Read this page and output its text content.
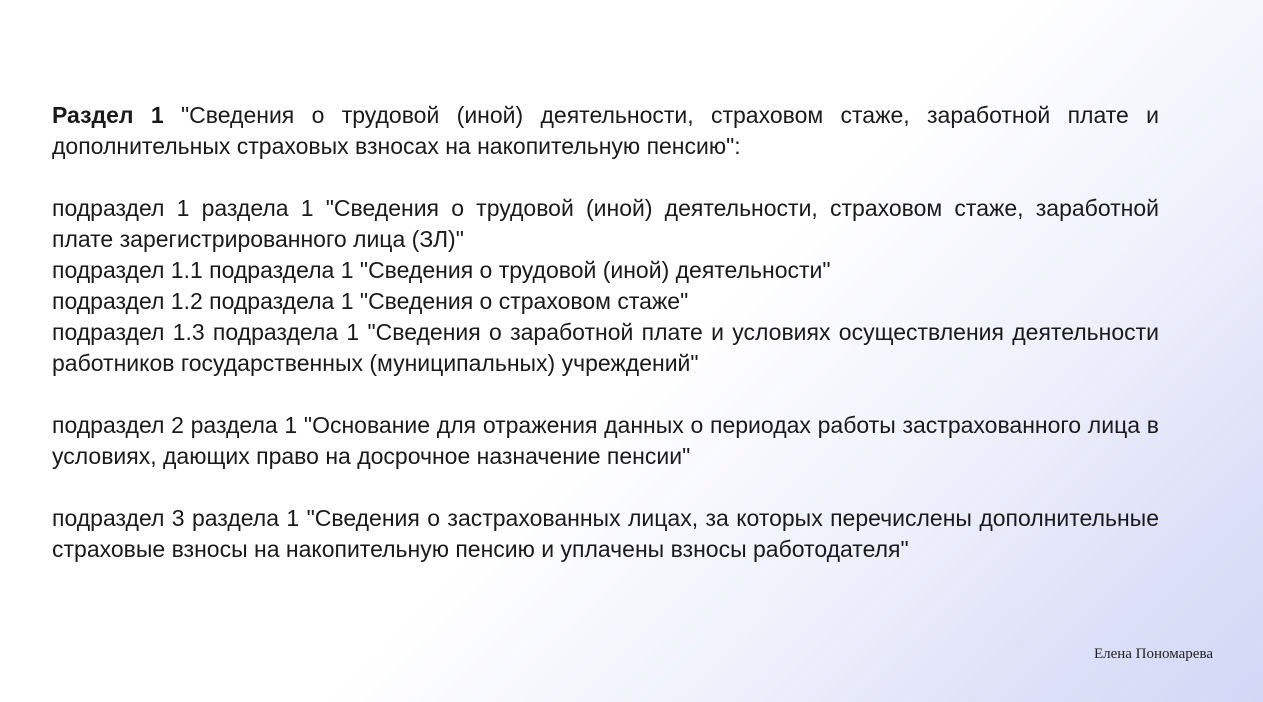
Раздел 1 "Сведения о трудовой (иной) деятельности, страховом стаже, заработной плате и дополнительных страховых взносах на накопительную пенсию":

подраздел 1 раздела 1 "Сведения о трудовой (иной) деятельности, страховом стаже, заработной плате зарегистрированного лица (ЗЛ)"

подраздел 1.1 подраздела 1 "Сведения о трудовой (иной) деятельности"

подраздел 1.2 подраздела 1 "Сведения о страховом стаже"

подраздел 1.3 подраздела 1 "Сведения о заработной плате и условиях осуществления деятельности работников государственных (муниципальных) учреждений"

подраздел 2 раздела 1 "Основание для отражения данных о периодах работы застрахованного лица в условиях, дающих право на досрочное назначение пенсии"

подраздел 3 раздела 1 "Сведения о застрахованных лицах, за которых перечислены дополнительные страховые взносы на накопительную пенсию и уплачены взносы работодателя"

Елена Пономарева
